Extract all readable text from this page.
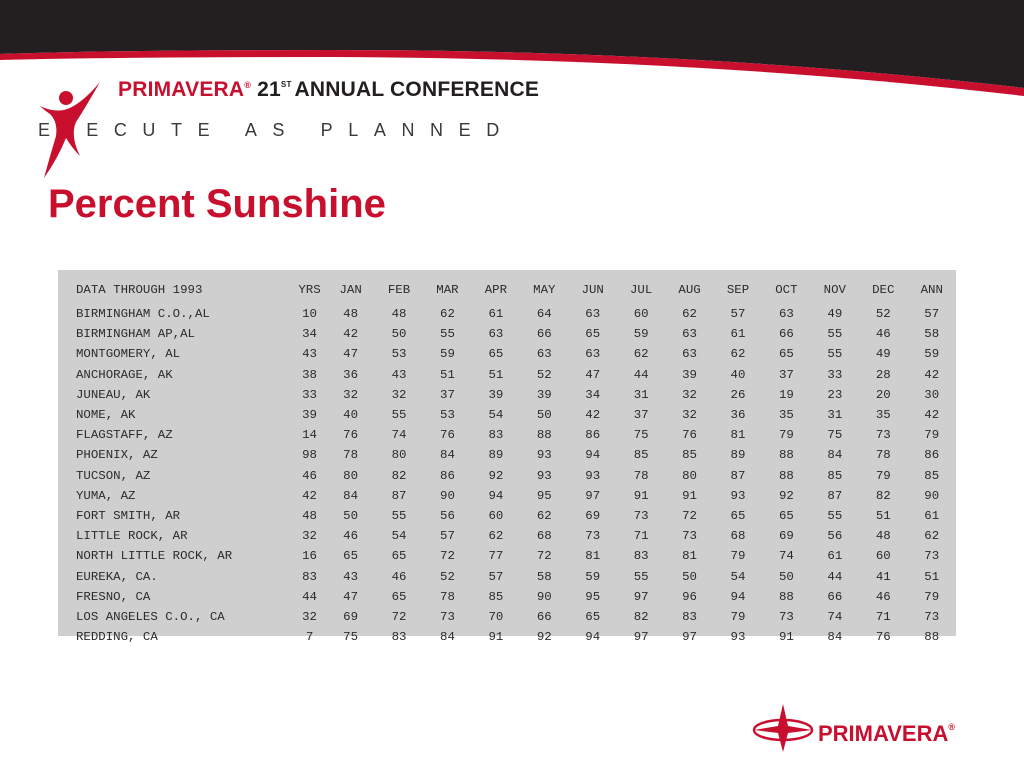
PRIMAVERA® 21ST ANNUAL CONFERENCE

E ECUTE AS PLANNED

Percent Sunshine
DATA THROUGH 1993	YRS	JAN	FEB	MAR	APR	MAY	JUN	JUL	AUG	SEP	OCT	NOV	DEC	ANN
BIRMINGHAM C.O.,AL	10	48	48	62	61	64	63	60	62	57	63	49	52	57
BIRMINGHAM AP,AL	34	42	50	55	63	66	65	59	63	61	66	55	46	58
MONTGOMERY, AL	43	47	53	59	65	63	63	62	63	62	65	55	49	59
ANCHORAGE, AK	38	36	43	51	51	52	47	44	39	40	37	33	28	42
JUNEAU, AK	33	32	32	37	39	39	34	31	32	26	19	23	20	30
NOME, AK	39	40	55	53	54	50	42	37	32	36	35	31	35	42
FLAGSTAFF, AZ	14	76	74	76	83	88	86	75	76	81	79	75	73	79
PHOENIX, AZ	98	78	80	84	89	93	94	85	85	89	88	84	78	86
TUCSON, AZ	46	80	82	86	92	93	93	78	80	87	88	85	79	85
YUMA, AZ	42	84	87	90	94	95	97	91	91	93	92	87	82	90
FORT SMITH, AR	48	50	55	56	60	62	69	73	72	65	65	55	51	61
LITTLE ROCK, AR	32	46	54	57	62	68	73	71	73	68	69	56	48	62
NORTH LITTLE ROCK, AR	16	65	65	72	77	72	81	83	81	79	74	61	60	73
EUREKA, CA.	83	43	46	52	57	58	59	55	50	54	50	44	41	51
FRESNO, CA	44	47	65	78	85	90	95	97	96	94	88	66	46	79
LOS ANGELES C.O., CA	32	69	72	73	70	66	65	82	83	79	73	74	71	73
REDDING, CA	7	75	83	84	91	92	94	97	97	93	91	84	76	88

PRIMAVERA®
